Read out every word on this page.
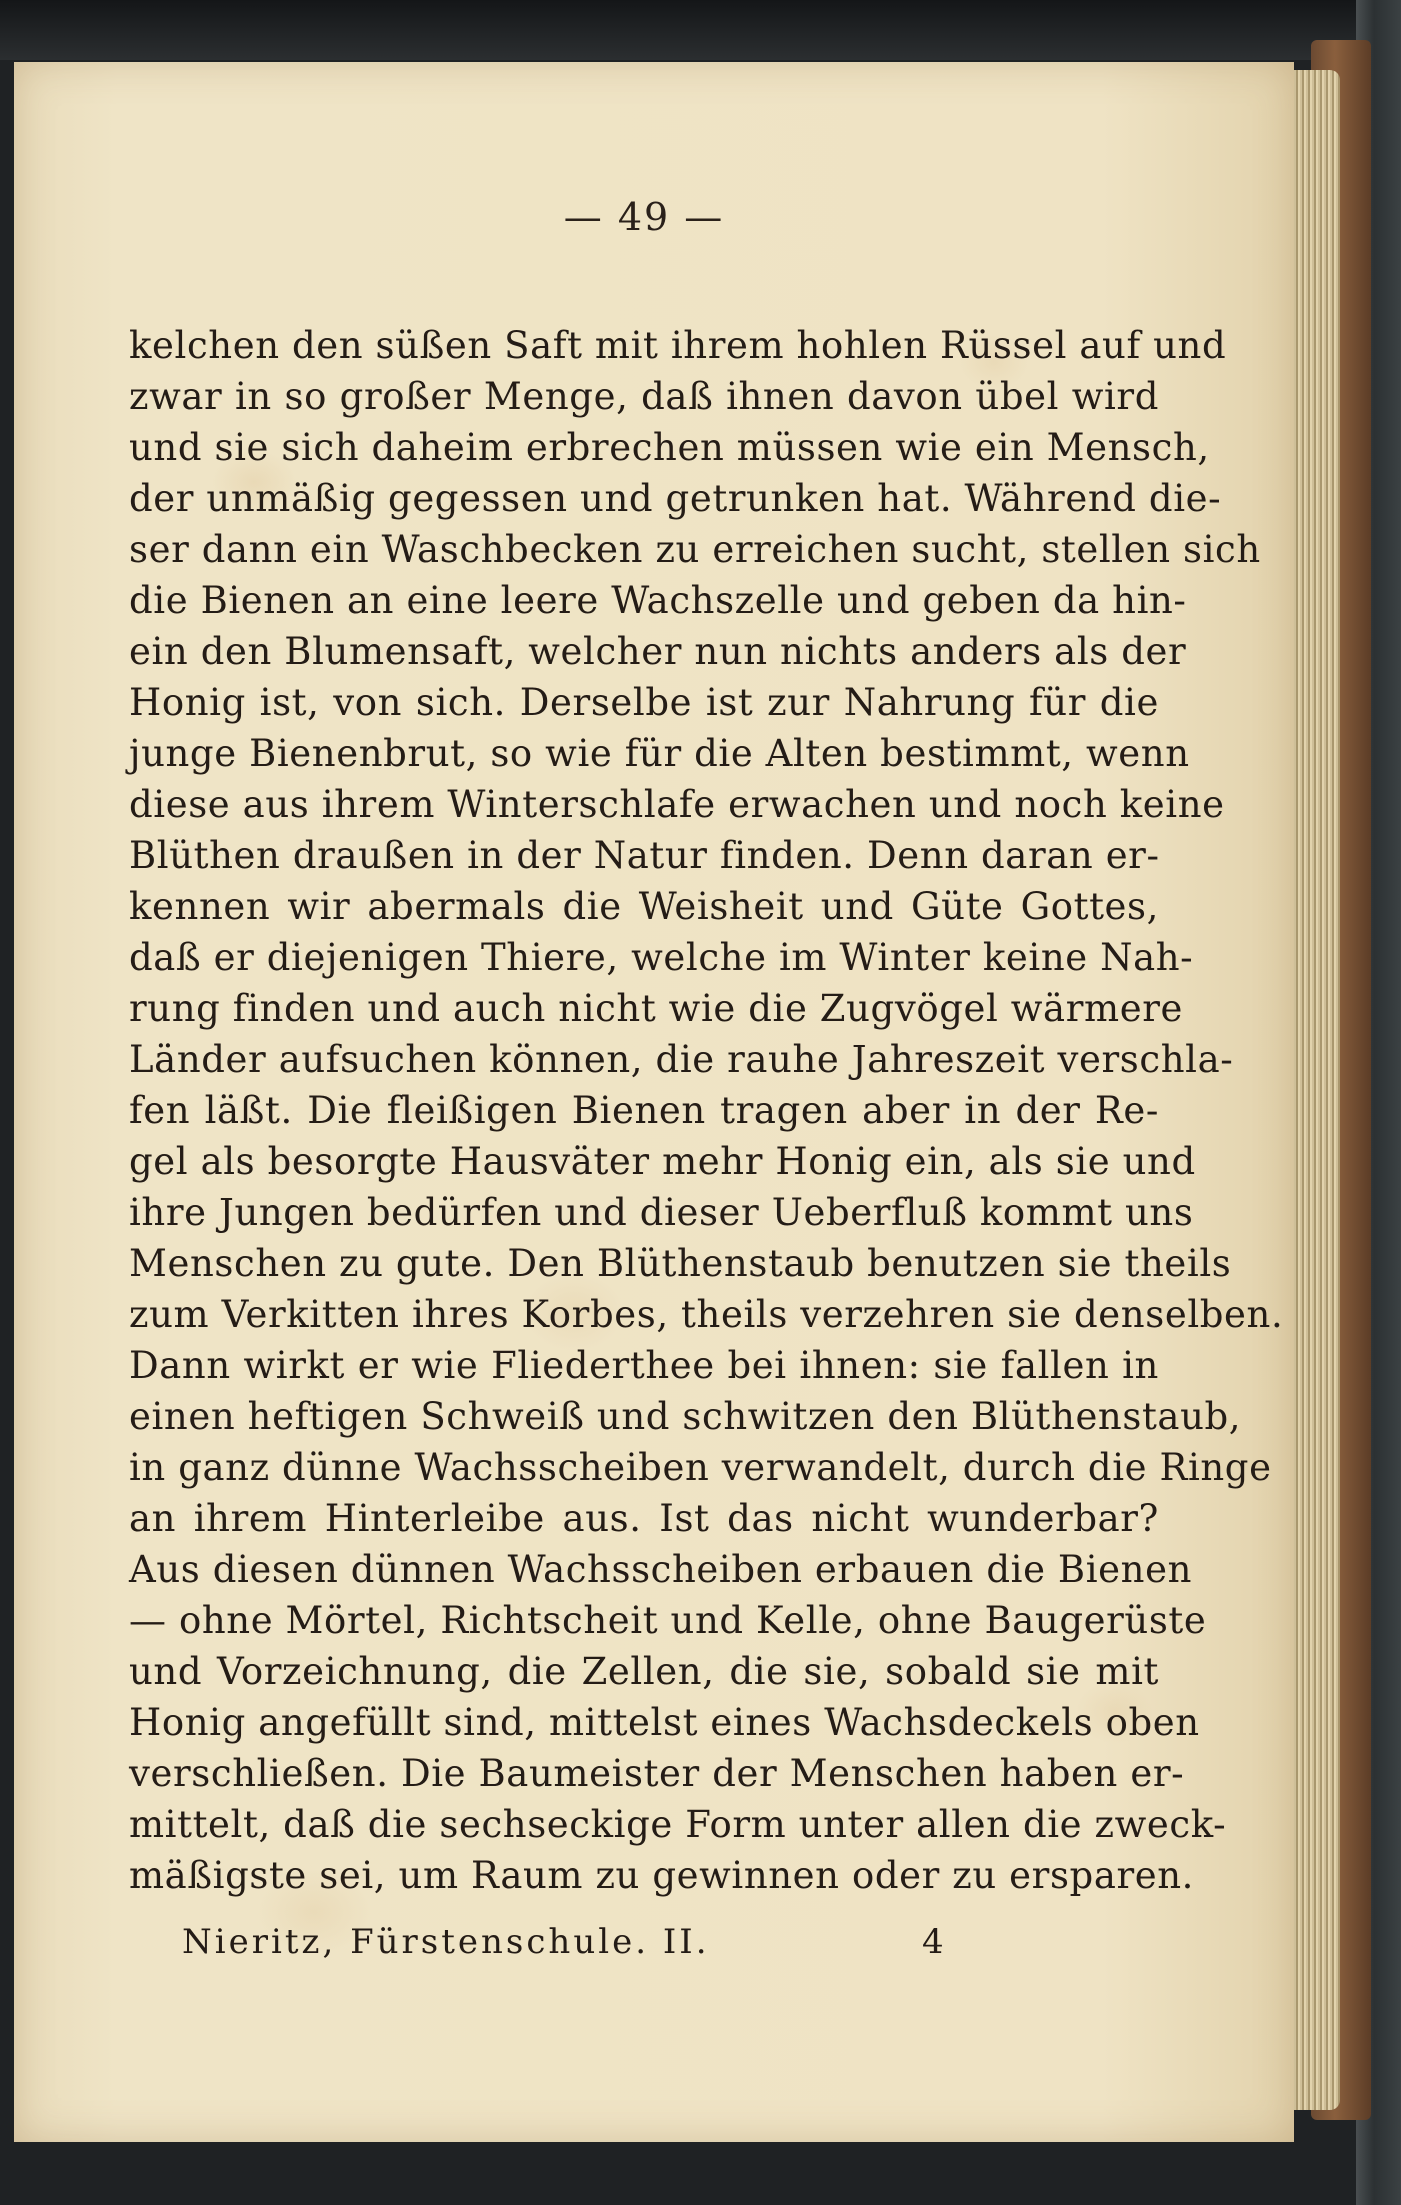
— 49 —
kelchen den süßen Saft mit ihrem hohlen Rüssel auf und
zwar in so großer Menge, daß ihnen davon übel wird
und sie sich daheim erbrechen müssen wie ein Mensch,
der unmäßig gegessen und getrunken hat. Während die-
ser dann ein Waschbecken zu erreichen sucht, stellen sich
die Bienen an eine leere Wachszelle und geben da hin-
ein den Blumensaft, welcher nun nichts anders als der
Honig ist, von sich. Derselbe ist zur Nahrung für die
junge Bienenbrut, so wie für die Alten bestimmt, wenn
diese aus ihrem Winterschlafe erwachen und noch keine
Blüthen draußen in der Natur finden. Denn daran er-
kennen wir abermals die Weisheit und Güte Gottes,
daß er diejenigen Thiere, welche im Winter keine Nah-
rung finden und auch nicht wie die Zugvögel wärmere
Länder aufsuchen können, die rauhe Jahreszeit verschla-
fen läßt. Die fleißigen Bienen tragen aber in der Re-
gel als besorgte Hausväter mehr Honig ein, als sie und
ihre Jungen bedürfen und dieser Ueberfluß kommt uns
Menschen zu gute. Den Blüthenstaub benutzen sie theils
zum Verkitten ihres Korbes, theils verzehren sie denselben.
Dann wirkt er wie Fliederthee bei ihnen: sie fallen in
einen heftigen Schweiß und schwitzen den Blüthenstaub,
in ganz dünne Wachsscheiben verwandelt, durch die Ringe
an ihrem Hinterleibe aus. Ist das nicht wunderbar?
Aus diesen dünnen Wachsscheiben erbauen die Bienen
— ohne Mörtel, Richtscheit und Kelle, ohne Baugerüste
und Vorzeichnung, die Zellen, die sie, sobald sie mit
Honig angefüllt sind, mittelst eines Wachsdeckels oben
verschließen. Die Baumeister der Menschen haben er-
mittelt, daß die sechseckige Form unter allen die zweck-
mäßigste sei, um Raum zu gewinnen oder zu ersparen.
Nieritz, Fürstenschule. II.	4
